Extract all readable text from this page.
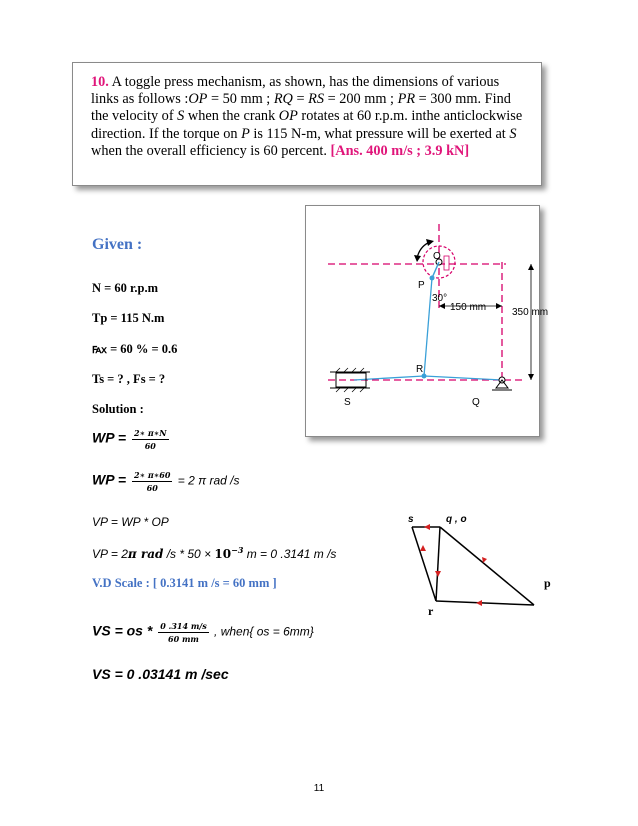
10. A toggle press mechanism, as shown, has the dimensions of various links as follows :OP = 50 mm ; RQ = RS = 200 mm ; PR = 300 mm. Find the velocity of S when the crank OP rotates at 60 r.p.m. inthe anticlockwise direction. If the torque on P is 115 N-m, what pressure will be exerted at S when the overall efficiency is 60 percent. [Ans. 400 m/s ; 3.9 kN]
O
P
R
S	Q
30°
150 mm	350 mm
Given :
N = 60 r.p.m
Tp = 115 N.m
℻ = 60 % = 0.6
Ts = ? , Fs = ?
Solution :
WP = $\frac{2∗ \pi∗N}{60}$
WP = $\frac{2∗ \pi∗60}{60} = 2$ π rad /s
VP = WP * OP
VP = 2π rad $/s * 50 \times 10^{-3}$ m = 0 .3141 m /s
V.D Scale : [ 0.3141 m /s = 60 mm ]
VS = os * $\frac{0 .314 m/s}{60 mm}$ , when{ os = 6mm}
VS = 0 .03141 m /sec
s	q , o
p
r
11
